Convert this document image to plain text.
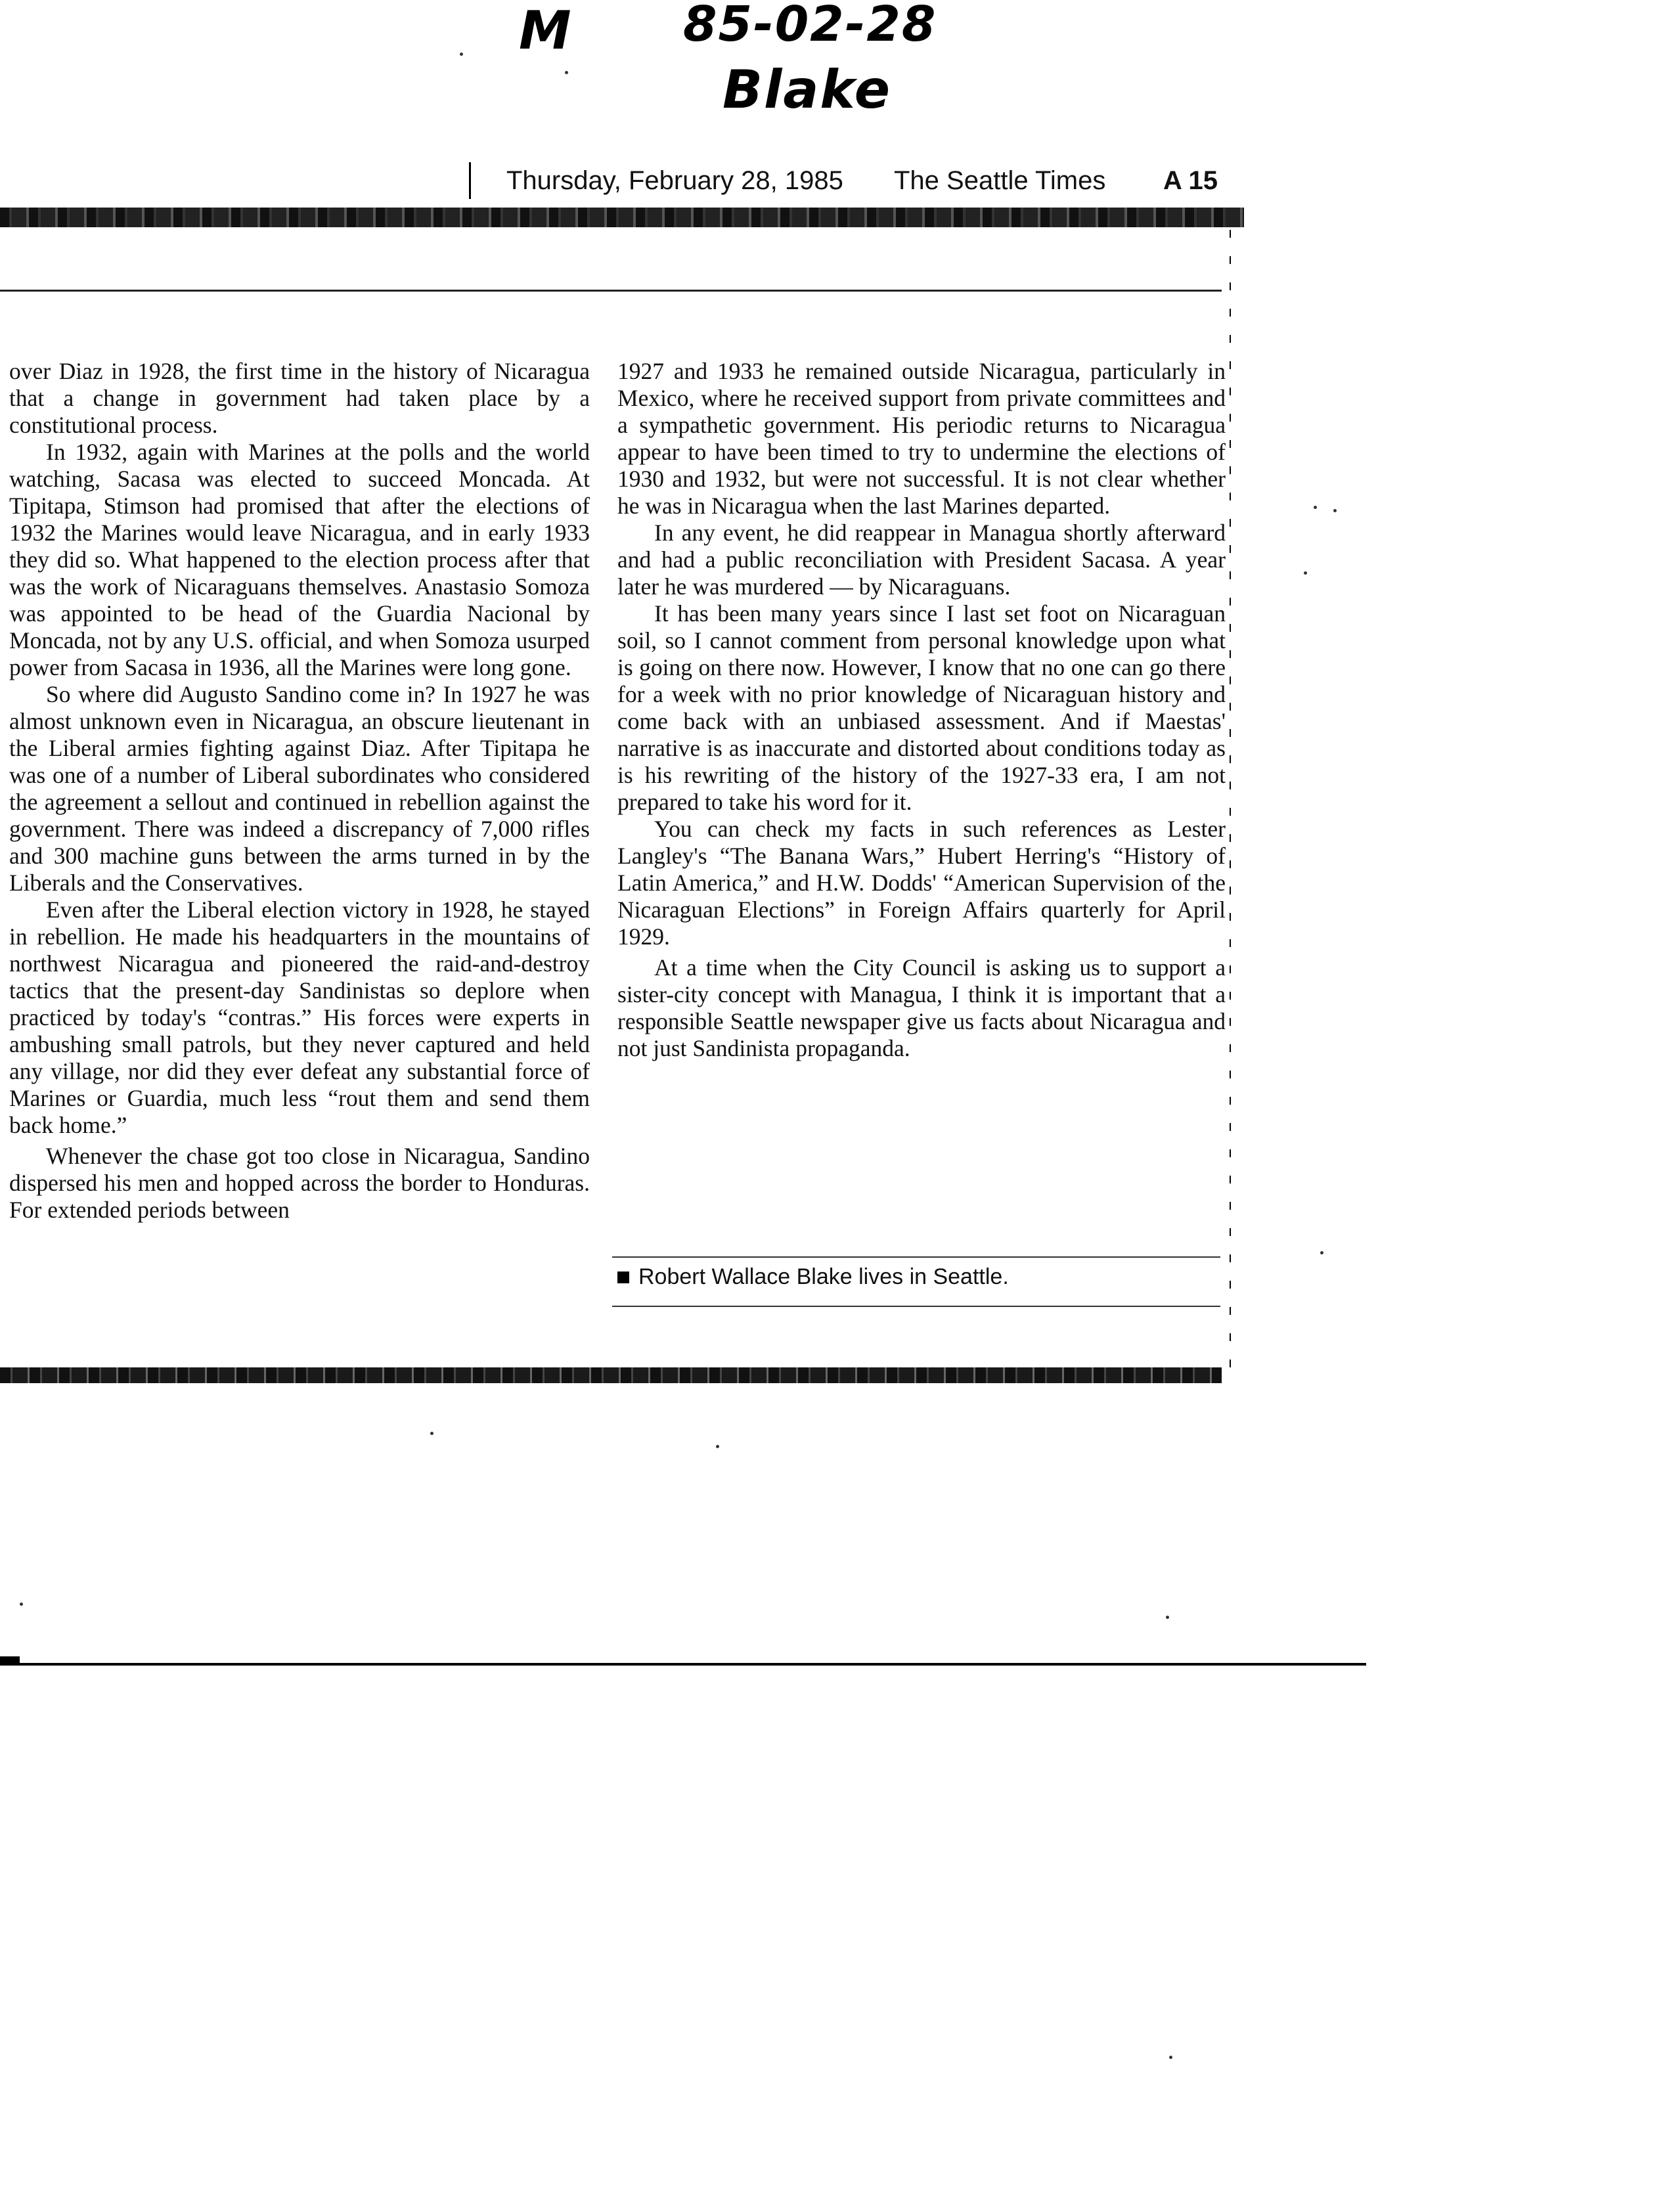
M 85-02-28
Blake
Thursday, February 28, 1985	The Seattle Times	A 15

over Diaz in 1928, the first time in the history of Nicaragua that a change in government had taken place by a constitutional process.

In 1932, again with Marines at the polls and the world watching, Sacasa was elected to succeed Moncada. At Tipitapa, Stimson had promised that after the elections of 1932 the Marines would leave Nicaragua, and in early 1933 they did so. What happened to the election process after that was the work of Nicaraguans themselves. Anastasio Somoza was appointed to be head of the Guardia Nacional by Moncada, not by any U.S. official, and when Somoza usurped power from Sacasa in 1936, all the Marines were long gone.

So where did Augusto Sandino come in? In 1927 he was almost unknown even in Nicaragua, an obscure lieutenant in the Liberal armies fighting against Diaz. After Tipitapa he was one of a number of Liberal subordinates who considered the agreement a sellout and continued in rebellion against the government. There was indeed a discrepancy of 7,000 rifles and 300 machine guns between the arms turned in by the Liberals and the Conservatives.

Even after the Liberal election victory in 1928, he stayed in rebellion. He made his headquarters in the mountains of northwest Nicaragua and pioneered the raid-and-destroy tactics that the present-day Sandinistas so deplore when practiced by today's “contras.” His forces were experts in ambushing small patrols, but they never captured and held any village, nor did they ever defeat any substantial force of Marines or Guardia, much less “rout them and send them back home.”

Whenever the chase got too close in Nicaragua, Sandino dispersed his men and hopped across the border to Honduras. For extended periods between

1927 and 1933 he remained outside Nicaragua, particularly in Mexico, where he received support from private committees and a sympathetic government. His periodic returns to Nicaragua appear to have been timed to try to undermine the elections of 1930 and 1932, but were not successful. It is not clear whether he was in Nicaragua when the last Marines departed.

In any event, he did reappear in Managua shortly afterward and had a public reconciliation with President Sacasa. A year later he was murdered — by Nicaraguans.

It has been many years since I last set foot on Nicaraguan soil, so I cannot comment from personal knowledge upon what is going on there now. However, I know that no one can go there for a week with no prior knowledge of Nicaraguan history and come back with an unbiased assessment. And if Maestas' narrative is as inaccurate and distorted about conditions today as is his rewriting of the history of the 1927-33 era, I am not prepared to take his word for it.

You can check my facts in such references as Lester Langley's “The Banana Wars,” Hubert Herring's “History of Latin America,” and H.W. Dodds' “American Supervision of the Nicaraguan Elections” in Foreign Affairs quarterly for April 1929.

At a time when the City Council is asking us to support a sister-city concept with Managua, I think it is important that a responsible Seattle newspaper give us facts about Nicaragua and not just Sandinista propaganda.

Robert Wallace Blake lives in Seattle.
